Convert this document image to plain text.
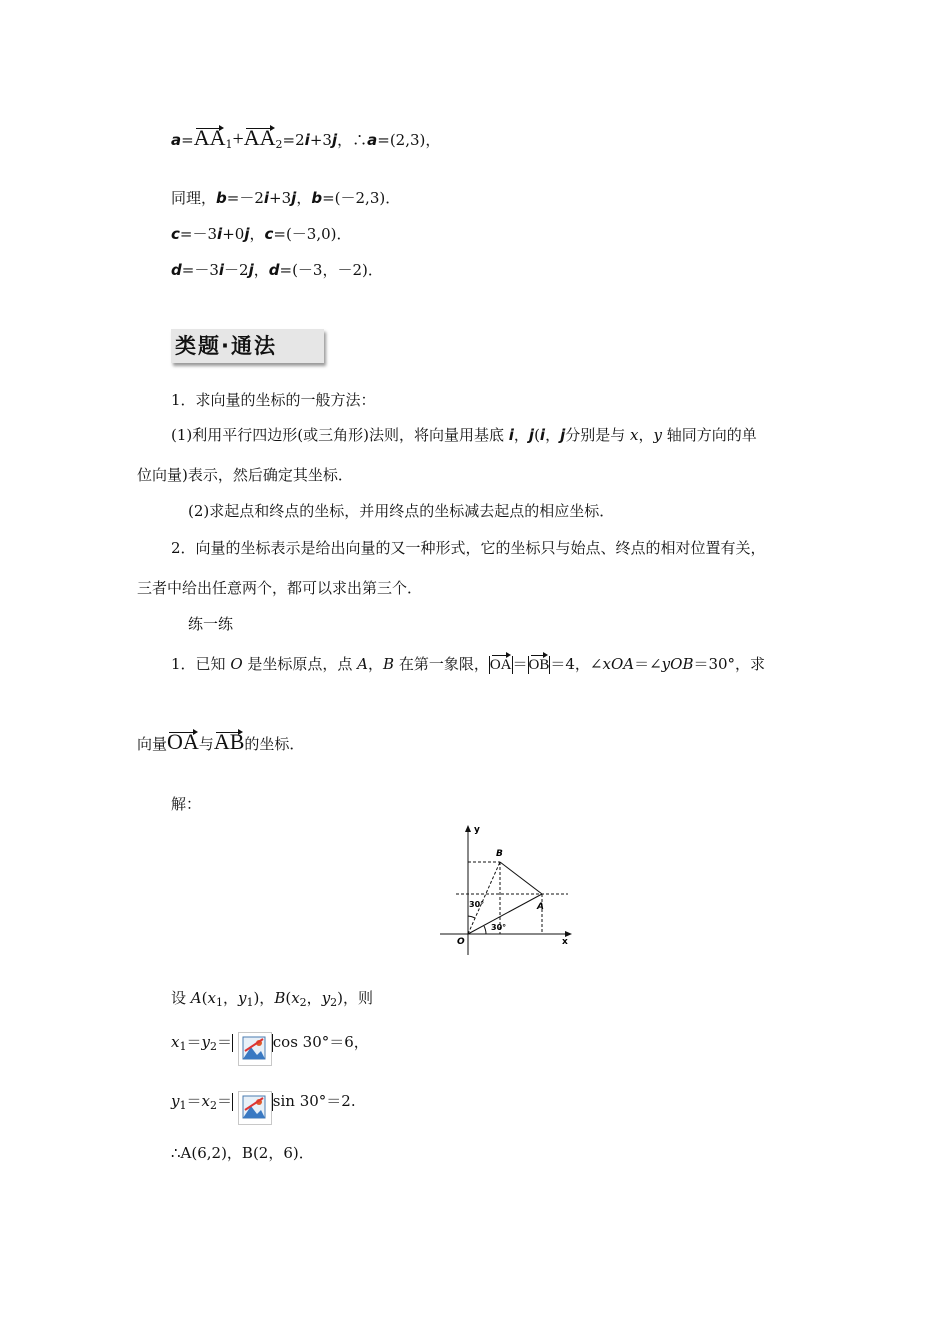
a=
$AA_1+$
$AA_2=2i+3j$，∴a=(2,3)，
同理，b=－2i+3j，b=(－2,3)．
c=－3i+0j，c=(－3,0)．
d=－3i－2j，d=(－3，－2)．
类题·通法
1．求向量的坐标的一般方法：
(1)利用平行四边形(或三角形)法则，将向量用基底 i，j(i，j分别是与 x，y 轴同方向的单
位向量)表示，然后确定其坐标．
(2)求起点和终点的坐标，并用终点的坐标减去起点的相应坐标．
2．向量的坐标表示是给出向量的又一种形式，它的坐标只与始点、终点的相对位置有关，
三者中给出任意两个，都可以求出第三个．
练一练
1．已知 O 是坐标原点，点 A，B 在第一象限，
OA＝
OB＝4，∠xOA＝∠yOB＝30°，求
向量
OA与
AB的坐标．
解：
y
x
O
A
B
30°
30°
设 $A(x_1$，$y_1$)，$B(x_2$，$y_2$)，则
$x_1=y_2=$	cos 30°＝6，
$y_1=x_2=$	sin 30°＝2.
∴A(6,2)，B(2，6)．
